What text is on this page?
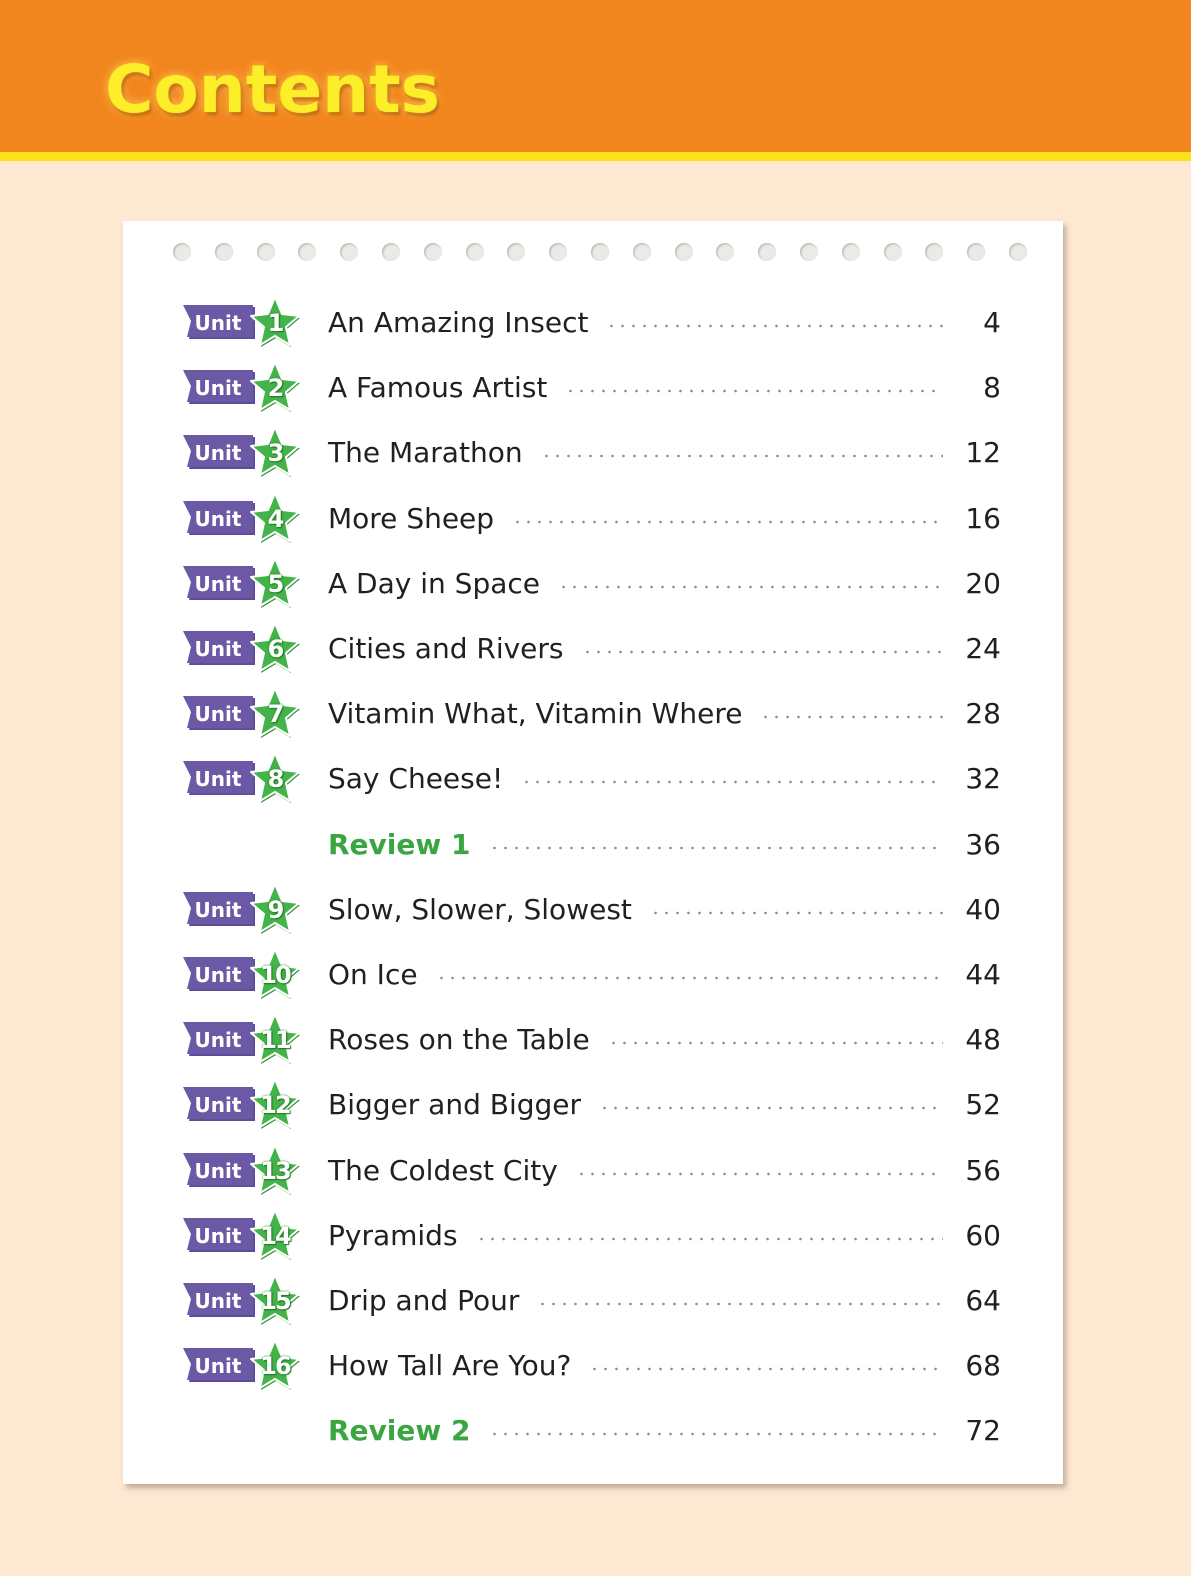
Contents
Unit	1	An Amazing Insect	4
Unit	2	A Famous Artist	8
Unit	3	The Marathon	12
Unit	4	More Sheep	16
Unit	5	A Day in Space	20
Unit	6	Cities and Rivers	24
Unit	7	Vitamin What, Vitamin Where	28
Unit	8	Say Cheese!	32
Review 1	36
Unit	9	Slow, Slower, Slowest	40
Unit 10	On Ice	44
Unit 11	Roses on the Table	48
Unit 12	Bigger and Bigger	52
Unit 13	The Coldest City	56
Unit 14	Pyramids	60
Unit 15	Drip and Pour	64
Unit 16	How Tall Are You?	68
Review 2	72
